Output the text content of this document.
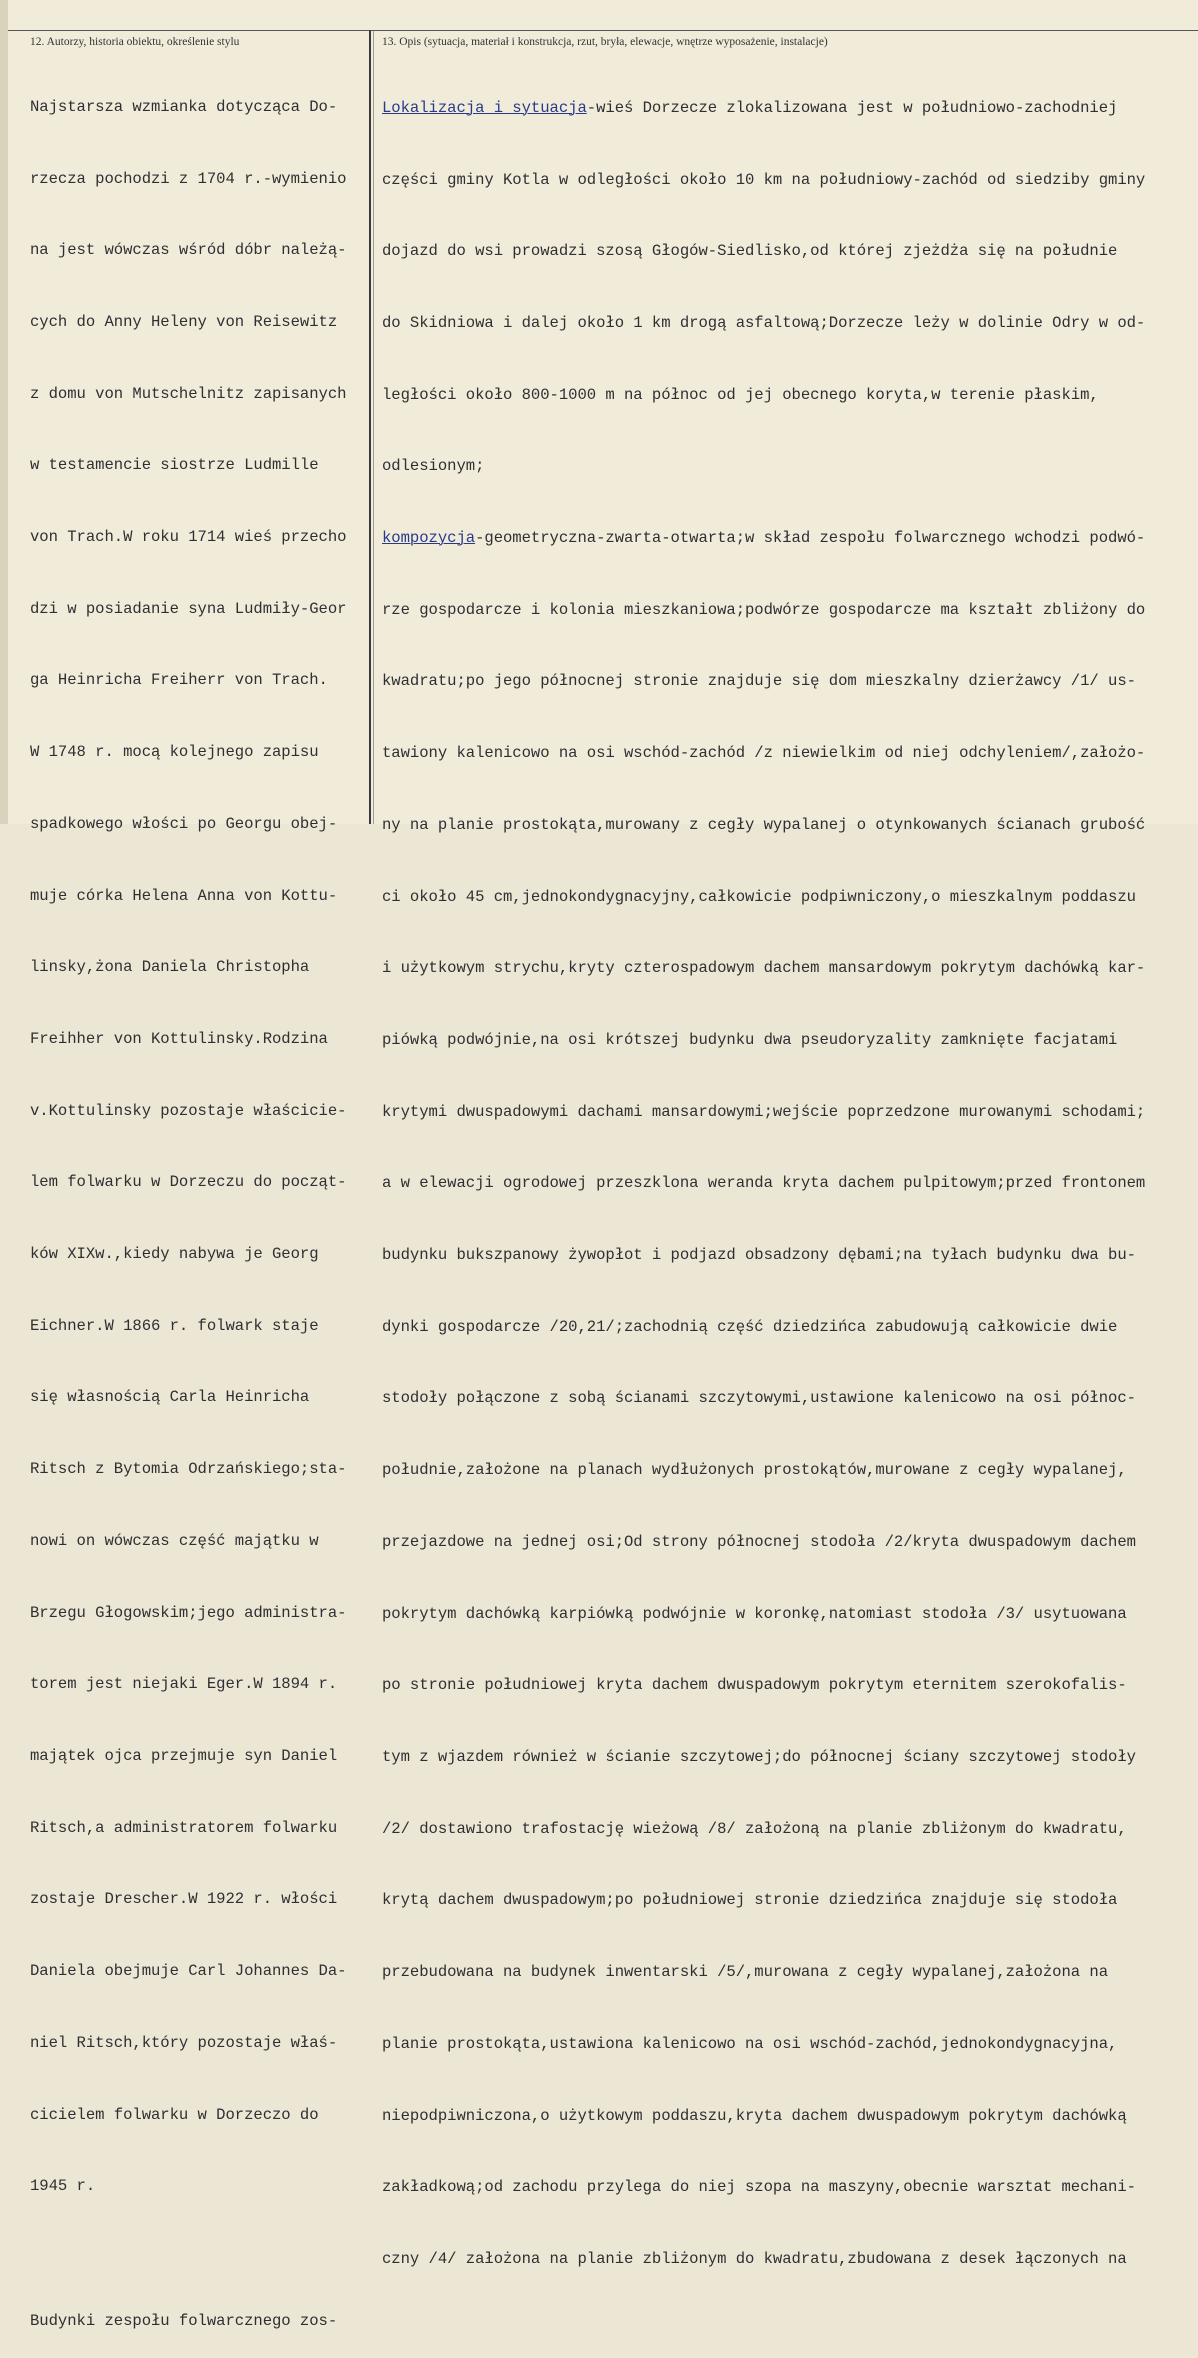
12. Autorzy, historia obiektu, określenie stylu	13. Opis (sytuacja, materiał i konstrukcja, rzut, bryła, elewacje, wnętrze wyposażenie, instalacje)

Najstarsza wzmianka dotycząca Do-

rzecza pochodzi z 1704 r.-wymienio

na jest wówczas wśród dóbr należą-

cych do Anny Heleny von Reisewitz

z domu von Mutschelnitz zapisanych

w testamencie siostrze Ludmille

von Trach.W roku 1714 wieś przecho

dzi w posiadanie syna Ludmiły-Geor

ga Heinricha Freiherr von Trach.

W 1748 r. mocą kolejnego zapisu

spadkowego włości po Georgu obej-

muje córka Helena Anna von Kottu-

linsky,żona Daniela Christopha

Freihher von Kottulinsky.Rodzina

v.Kottulinsky pozostaje właściciе-

lem folwarku w Dorzeczu do począt-

ków XIXw.,kiedy nabywa je Georg

Eichner.W 1866 r. folwark staje

się własnością Carla Heinricha

Ritsch z Bytomia Odrzańskiego;sta-

nowi on wówczas część majątku w

Brzegu Głogowskim;jego administra-

torem jest niejaki Eger.W 1894 r.

majątek ojca przejmuje syn Daniel

Ritsch,a administratorem folwarku

zostaje Drescher.W 1922 r. włości

Daniela obejmuje Carl Johannes Da-

niel Ritsch,który pozostaje właś-

cicielem folwarku w Dorzeczo do

1945 r.

Budynki zespołu folwarcznego zos-

Lokalizacja i sytuacja-wieś Dorzecze zlokalizowana jest w południowo-zachodniej

części gminy Kotla w odległości około 10 km na południowy-zachód od siedziby gminy

dojazd do wsi prowadzi szosą Głogów-Siedlisko,od której zjeżdża się na południe

do Skidniowa i dalej około 1 km drogą asfaltową;Dorzecze leży w dolinie Odry w od-

ległości około 800-1000 m na północ od jej obecnego koryta,w terenie płaskim,

odlesionym;

kompozycja-geometryczna-zwarta-otwarta;w skład zespołu folwarcznego wchodzi podwó-

rze gospodarcze i kolonia mieszkaniowa;podwórze gospodarcze ma kształt zbliżony do

kwadratu;po jego północnej stronie znajduje się dom mieszkalny dzierżawcy /1/ us-

tawiony kalenicowo na osi wschód-zachód /z niewielkim od niej odchyleniem/,założo-

ny na planie prostokąta,murowany z cegły wypalanej o otynkowanych ścianach grubość

ci około 45 cm,jednokondygnacyjny,całkowicie podpiwniczony,o mieszkalnym poddaszu

i użytkowym strychu,kryty czterospadowym dachem mansardowym pokrytym dachówką kar-

piówką podwójnie,na osi krótszej budynku dwa pseudoryzality zamknięte facjatami

krytymi dwuspadowymi dachami mansardowymi;wejście poprzedzone murowanymi schodami;

a w elewacji ogrodowej przeszklona weranda kryta dachem pulpitowym;przed frontonem

budynku bukszpanowy żywopłot i podjazd obsadzony dębami;na tyłach budynku dwa bu-

dynki gospodarcze /20,21/;zachodnią część dziedzińca zabudowują całkowicie dwie

stodoły połączone z sobą ścianami szczytowymi,ustawione kalenicowo na osi północ-

południe,założone na planach wydłużonych prostokątów,murowane z cegły wypalanej,

przejazdowe na jednej osi;Od strony północnej stodoła /2/kryta dwuspadowym dachem

pokrytym dachówką karpiówką podwójnie w koronkę,natomiast stodoła /3/ usytuowana

po stronie południowej kryta dachem dwuspadowym pokrytym eternitem szerokofalis-

tym z wjazdem również w ścianie szczytowej;do północnej ściany szczytowej stodoły

/2/ dostawiono trafostację wieżową /8/ założoną na planie zbliżonym do kwadratu,

krytą dachem dwuspadowym;po południowej stronie dziedzińca znajduje się stodoła

przebudowana na budynek inwentarski /5/,murowana z cegły wypalanej,założona na

planie prostokąta,ustawiona kalenicowo na osi wschód-zachód,jednokondygnacyjna,

niepodpiwniczona,o użytkowym poddaszu,kryta dachem dwuspadowym pokrytym dachówką

zakładkową;od zachodu przylega do niej szopa na maszyny,obecnie warsztat mechani-

czny /4/ założona na planie zbliżonym do kwadratu,zbudowana z desek łączonych na
